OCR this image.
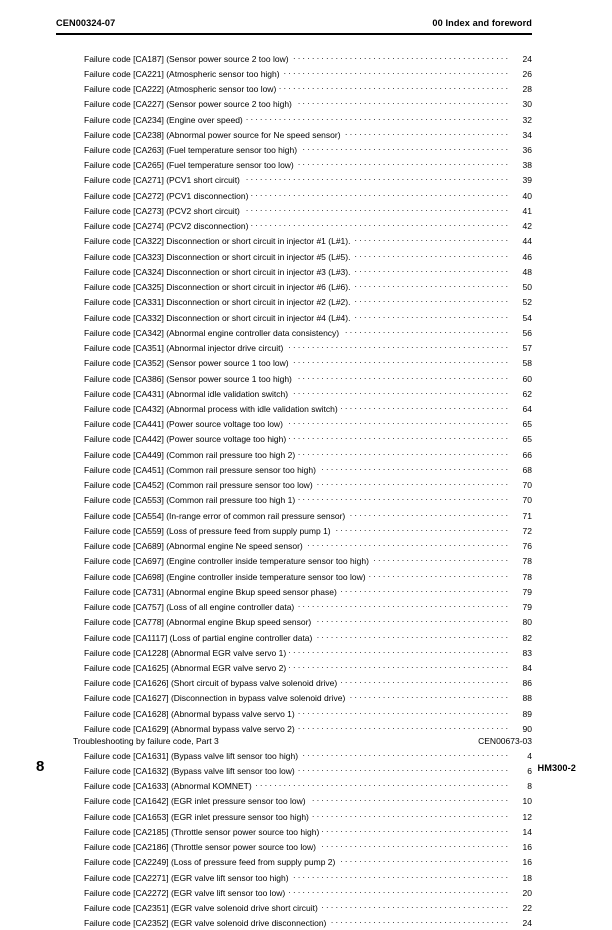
CEN00324-07	00 Index and foreword
Failure code [CA187] (Sensor power source 2 too low) . . .	24
Failure code [CA221] (Atmospheric sensor too high) . . .	26
Failure code [CA222] (Atmospheric sensor too low) . . .	28
Failure code [CA227] (Sensor power source 2 too high) . . .	30
Failure code [CA234] (Engine over speed) . . .	32
Failure code [CA238] (Abnormal power source for Ne speed sensor) . . .	34
Failure code [CA263] (Fuel temperature sensor too high) . . .	36
Failure code [CA265] (Fuel temperature sensor too low) . . .	38
Failure code [CA271] (PCV1 short circuit) . . .	39
Failure code [CA272] (PCV1 disconnection) . . .	40
Failure code [CA273] (PCV2 short circuit) . . .	41
Failure code [CA274] (PCV2 disconnection) . . .	42
Failure code [CA322] Disconnection or short circuit in injector #1 (L#1). . . .	44
Failure code [CA323] Disconnection or short circuit in injector #5 (L#5). . . .	46
Failure code [CA324] Disconnection or short circuit in injector #3 (L#3). . . .	48
Failure code [CA325] Disconnection or short circuit in injector #6 (L#6). . . .	50
Failure code [CA331] Disconnection or short circuit in injector #2 (L#2). . . .	52
Failure code [CA332] Disconnection or short circuit in injector #4 (L#4). . . .	54
Failure code [CA342] (Abnormal engine controller data consistency) . . .	56
Failure code [CA351] (Abnormal injector drive circuit) . . .	57
Failure code [CA352] (Sensor power source 1 too low) . . .	58
Failure code [CA386] (Sensor power source 1 too high) . . .	60
Failure code [CA431] (Abnormal idle validation switch) . . .	62
Failure code [CA432] (Abnormal process with idle validation switch) . . .	64
Failure code [CA441] (Power source voltage too low) . . .	65
Failure code [CA442] (Power source voltage too high) . . .	65
Failure code [CA449] (Common rail pressure too high 2) . . .	66
Failure code [CA451] (Common rail pressure sensor too high) . . .	68
Failure code [CA452] (Common rail pressure sensor too low) . . .	70
Failure code [CA553] (Common rail pressure too high 1) . . .	70
Failure code [CA554] (In-range error of common rail pressure sensor) . . .	71
Failure code [CA559] (Loss of pressure feed from supply pump 1) . . .	72
Failure code [CA689] (Abnormal engine Ne speed sensor) . . .	76
Failure code [CA697] (Engine controller inside temperature sensor too high) . . .	78
Failure code [CA698] (Engine controller inside temperature sensor too low) . . .	78
Failure code [CA731] (Abnormal engine Bkup speed sensor phase) . . .	79
Failure code [CA757] (Loss of all engine controller data) . . .	79
Failure code [CA778] (Abnormal engine Bkup speed sensor) . . .	80
Failure code [CA1117] (Loss of partial engine controller data) . . .	82
Failure code [CA1228] (Abnormal EGR valve servo 1) . . .	83
Failure code [CA1625] (Abnormal EGR valve servo 2) . . .	84
Failure code [CA1626] (Short circuit of bypass valve solenoid drive) . . .	86
Failure code [CA1627] (Disconnection in bypass valve solenoid drive) . . .	88
Failure code [CA1628] (Abnormal bypass valve servo 1) . . .	89
Failure code [CA1629] (Abnormal bypass valve servo 2) . . .	90
Troubleshooting by failure code, Part 3	CEN00673-03
Failure code [CA1631] (Bypass valve lift sensor too high) . . .	4
Failure code [CA1632] (Bypass valve lift sensor too low) . . .	6
Failure code [CA1633] (Abnormal KOMNET) . . .	8
Failure code [CA1642] (EGR inlet pressure sensor too low) . . .	10
Failure code [CA1653] (EGR inlet pressure sensor too high) . . .	12
Failure code [CA2185] (Throttle sensor power source too high) . . .	14
Failure code [CA2186] (Throttle sensor power source too low) . . .	16
Failure code [CA2249] (Loss of pressure feed from supply pump 2) . . .	16
Failure code [CA2271] (EGR valve lift sensor too high) . . .	18
Failure code [CA2272] (EGR valve lift sensor too low) . . .	20
Failure code [CA2351] (EGR valve solenoid drive short circuit) . . .	22
Failure code [CA2352] (EGR valve solenoid drive disconnection) . . .	24
8	HM300-2
